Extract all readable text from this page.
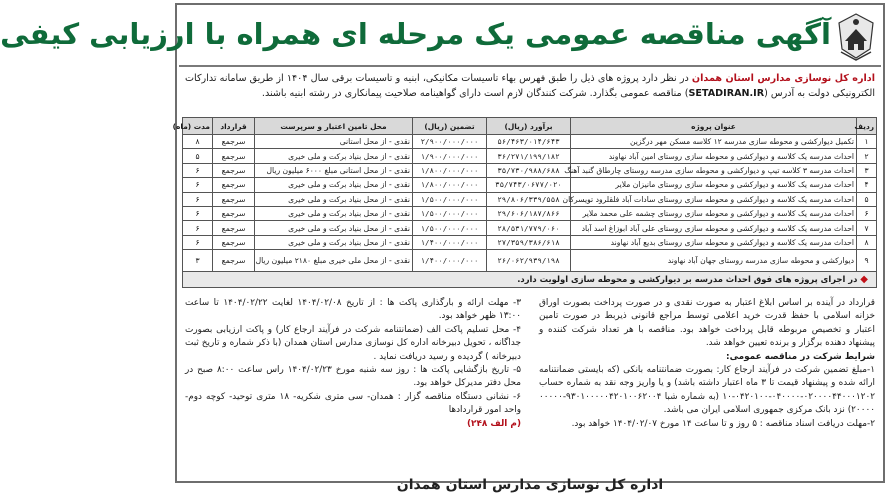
آگهی مناقصه عمومی یک مرحله ای همراه با ارزیابی کیفی
اداره کل نوسازی مدارس استان همدان در نظر دارد پروژه های ذیل را طبق فهرس بهاء تاسیسات مکانیکی، ابنیه و تاسیسات برقی سال ۱۴۰۴ از طریق سامانه تدارکات الکترونیکی دولت به آدرس (SETADIRAN.IR) مناقصه عمومی بگذارد. شرکت کنندگان لازم است دارای گواهینامه صلاحیت پیمانکاری در رشته ابنیه باشند.
ردیف	عنوان پروژه	برآورد (ریال)	تضمین (ریال)	محل تامین اعتبار و سرپرست	قرارداد	مدت (ماه)
۱	تکمیل دیوارکشی و محوطه سازی مدرسه ۱۲ کلاسه مسکن مهر درگزین	۵۶/۴۶۳/۰۱۴/۶۴۳	۲/۹۰۰/۰۰۰/۰۰۰	نقدی - از محل استانی	سرجمع	۸
۲	احداث مدرسه یک کلاسه و دیوارکشی و محوطه سازی روستای امین آباد نهاوند	۳۶/۲۷۱/۱۹۹/۱۸۲	۱/۹۰۰/۰۰۰/۰۰۰	نقدی - از محل بنیاد برکت و ملی خیری	سرجمع	۵
۳	احداث مدرسه ۳ کلاسه تیپ و دیوارکشی و محوطه سازی مدرسه روستای چارطاق گنبد آهنگ	۳۵/۷۳۰/۹۸۸/۶۸۸	۱/۸۰۰/۰۰۰/۰۰۰	نقدی - از محل استانی مبلغ ۶۰۰۰ میلیون ریال	سرجمع	۶
۴	احداث مدرسه یک کلاسه و دیوارکشی و محوطه سازی روستای مانیزان ملایر	۳۵/۷۴۳/۰۶۷۷/۰۲۰	۱/۸۰۰/۰۰۰/۰۰۰	نقدی - از محل بنیاد برکت و ملی خیری	سرجمع	۶
۵	احداث مدرسه یک کلاسه و دیوارکشی و محوطه سازی روستای سادات آباد فلقلرود تویسرکان	۲۹/۸۰۶/۳۳۹/۵۵۸	۱/۵۰۰/۰۰۰/۰۰۰	نقدی - از محل بنیاد برکت و ملی خیری	سرجمع	۶
۶	احداث مدرسه یک کلاسه و دیوارکشی و محوطه سازی روستای چشمه علی محمد ملایر	۲۹/۶۰۶/۱۸۷/۸۶۶	۱/۵۰۰/۰۰۰/۰۰۰	نقدی - از محل بنیاد برکت و ملی خیری	سرجمع	۶
۷	احداث مدرسه یک کلاسه و دیوارکشی و محوطه سازی روستای علی آباد ابوزاغ اسد آباد	۲۸/۵۳۱/۷۷۹/۰۶۰	۱/۵۰۰/۰۰۰/۰۰۰	نقدی - از محل بنیاد برکت و ملی خیری	سرجمع	۶
۸	احداث مدرسه یک کلاسه و دیوارکشی و محوطه سازی روستای بدیع آباد نهاوند	۲۷/۳۵۹/۳۸۶/۶۱۸	۱/۴۰۰/۰۰۰/۰۰۰	نقدی - از محل بنیاد برکت و ملی خیری	سرجمع	۶
۹	دیوارکشی و محوطه سازی مدرسه روستای جهان آباد نهاوند	۲۶/۰۶۲/۹۳۹/۱۹۸	۱/۴۰۰/۰۰۰/۰۰۰	نقدی - از محل ملی خیری مبلغ ۲۱۸۰ میلیون ریال	سرجمع	۳
◆ در اجرای پروژه های فوق احداث مدرسه بر دیوارکشی و محوطه سازی اولویت دارد.						

قرارداد در آینده بر اساس ابلاغ اعتبار به صورت نقدی و در صورت پرداخت بصورت اوراق خزانه اسلامی با حفظ قدرت خرید اعلامی توسط مراجع قانونی ذیربط در صورت تامین اعتبار و تخصیص مربوطه قابل پرداخت خواهد بود. مناقصه با هر تعداد شرکت کننده و پیشنهاد دهنده برگزار و برنده تعیین خواهد شد.

شرایط شرکت در مناقصه عمومی:

۱-مبلغ تضمین شرکت در فرآیند ارجاع کار: بصورت ضمانتنامه بانکی (که بایستی ضمانتنامه ارائه شده و پیشنهاد قیمت تا ۳ ماه اعتبار داشته باشد) و یا واریز وجه نقد به شماره حساب ۰۲۰۰۰۰۴۴۰۰۰۱۲۰۲-۰۴۰۰۰۰-۰۴۲۰۱۰۰-۱۰ (به شماره شبا ۹۳۰۱۰۰۰۰۰۴۲۰۱۰۰۶۲۰۰۴-۰۰۰۰۰ ۲۰۰۰۰) نزد بانک مرکزی جمهوری اسلامی ایران می باشد.

۲-مهلت دریافت اسناد مناقصه : ۵ روز و تا ساعت ۱۴ مورخ ۱۴۰۴/۰۲/۰۷ خواهد بود.

۳- مهلت ارائه و بارگذاری پاکت ها : از تاریخ ۱۴۰۴/۰۲/۰۸ لغایت ۱۴۰۴/۰۲/۲۲ تا ساعت ۱۳:۰۰ ظهر خواهد بود.

۴- محل تسلیم پاکت الف (ضمانتنامه شرکت در فرآیند ارجاع کار) و پاکت ارزیابی بصورت جداگانه ، تحویل دبیرخانه اداره کل نوسازی مدارس استان همدان (با ذکر شماره و تاریخ ثبت دبیرخانه ) گردیده و رسید دریافت نماید .

۵- تاریخ بازگشایی پاکت ها : روز سه شنبه مورخ ۱۴۰۴/۰۲/۲۳ راس ساعت ۸:۰۰ صبح در محل دفتر مدیرکل خواهد بود.

۶- نشانی دستگاه مناقصه گزار : همدان- سی متری شکریه- ۱۸ متری توحید- کوچه دوم- واحد امور قراردادها

(م الف ۲۴۸)

اداره کل نوسازی مدارس استان همدان
